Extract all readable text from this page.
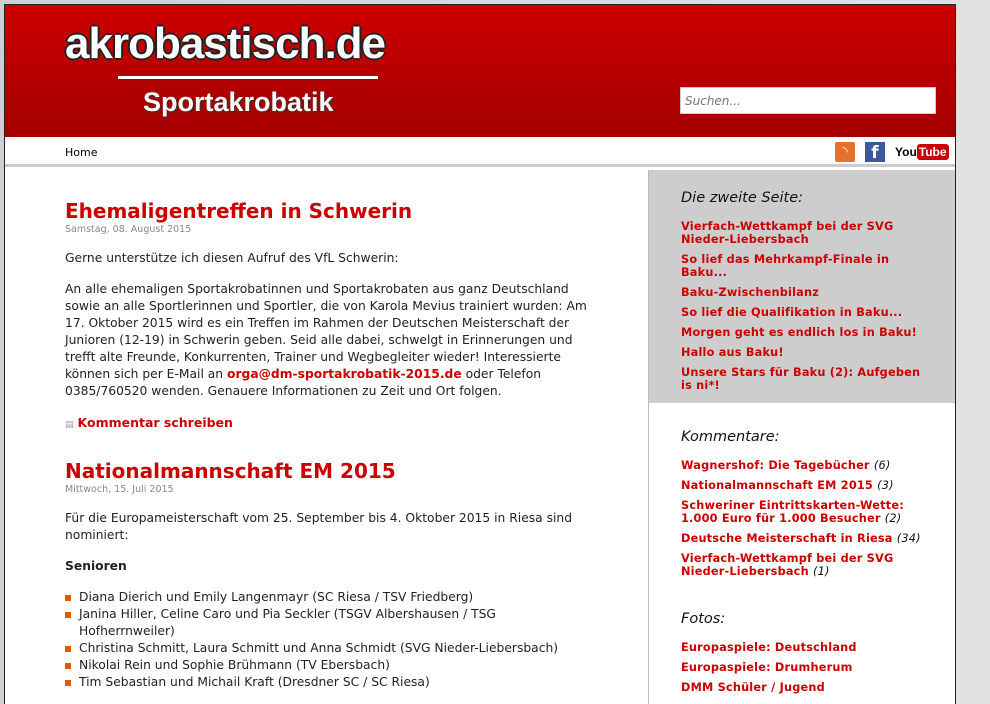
akrobastisch.de
Sportakrobatik
Suchen...
Home	◝	f	You Tube
Ehemaligentreffen in Schwerin
Samstag, 08. August 2015

Gerne unterstütze ich diesen Aufruf des VfL Schwerin:

An alle ehemaligen Sportakrobatinnen und Sportakrobaten aus ganz Deutschland sowie an alle Sportlerinnen und Sportler, die von Karola Mevius trainiert wurden: Am 17. Oktober 2015 wird es ein Treffen im Rahmen der Deutschen Meisterschaft der Junioren (12-19) in Schwerin geben. Seid alle dabei, schwelgt in Erinnerungen und trefft alte Freunde, Konkurrenten, Trainer und Wegbegleiter wieder! Interessierte können sich per E-Mail an orga@dm-sportakrobatik-2015.de oder Telefon 0385/760520 wenden. Genauere Informationen zu Zeit und Ort folgen.

▤ Kommentar schreiben
Nationalmannschaft EM 2015
Mittwoch, 15. Juli 2015

Für die Europameisterschaft vom 25. September bis 4. Oktober 2015 in Riesa sind nominiert:

Senioren

Diana Dierich und Emily Langenmayr (SC Riesa / TSV Friedberg)
Janina Hiller, Celine Caro und Pia Seckler (TSGV Albershausen / TSG Hofherrnweiler)
Christina Schmitt, Laura Schmitt und Anna Schmidt (SVG Nieder-Liebersbach)
Nikolai Rein und Sophie Brühmann (TV Ebersbach)
Tim Sebastian und Michail Kraft (Dresdner SC / SC Riesa)
Die zweite Seite:
Vierfach-Wettkampf bei der SVG Nieder-Liebersbach
So lief das Mehrkampf-Finale in Baku...
Baku-Zwischenbilanz
So lief die Qualifikation in Baku...
Morgen geht es endlich los in Baku!
Hallo aus Baku!
Unsere Stars für Baku (2): Aufgeben is ni*!
Kommentare:
Wagnershof: Die Tagebücher (6)
Nationalmannschaft EM 2015 (3)
Schweriner Eintrittskarten-Wette: 1.000 Euro für 1.000 Besucher (2)
Deutsche Meisterschaft in Riesa (34)
Vierfach-Wettkampf bei der SVG Nieder-Liebersbach (1)
Fotos:
Europaspiele: Deutschland
Europaspiele: Drumherum
DMM Schüler / Jugend
